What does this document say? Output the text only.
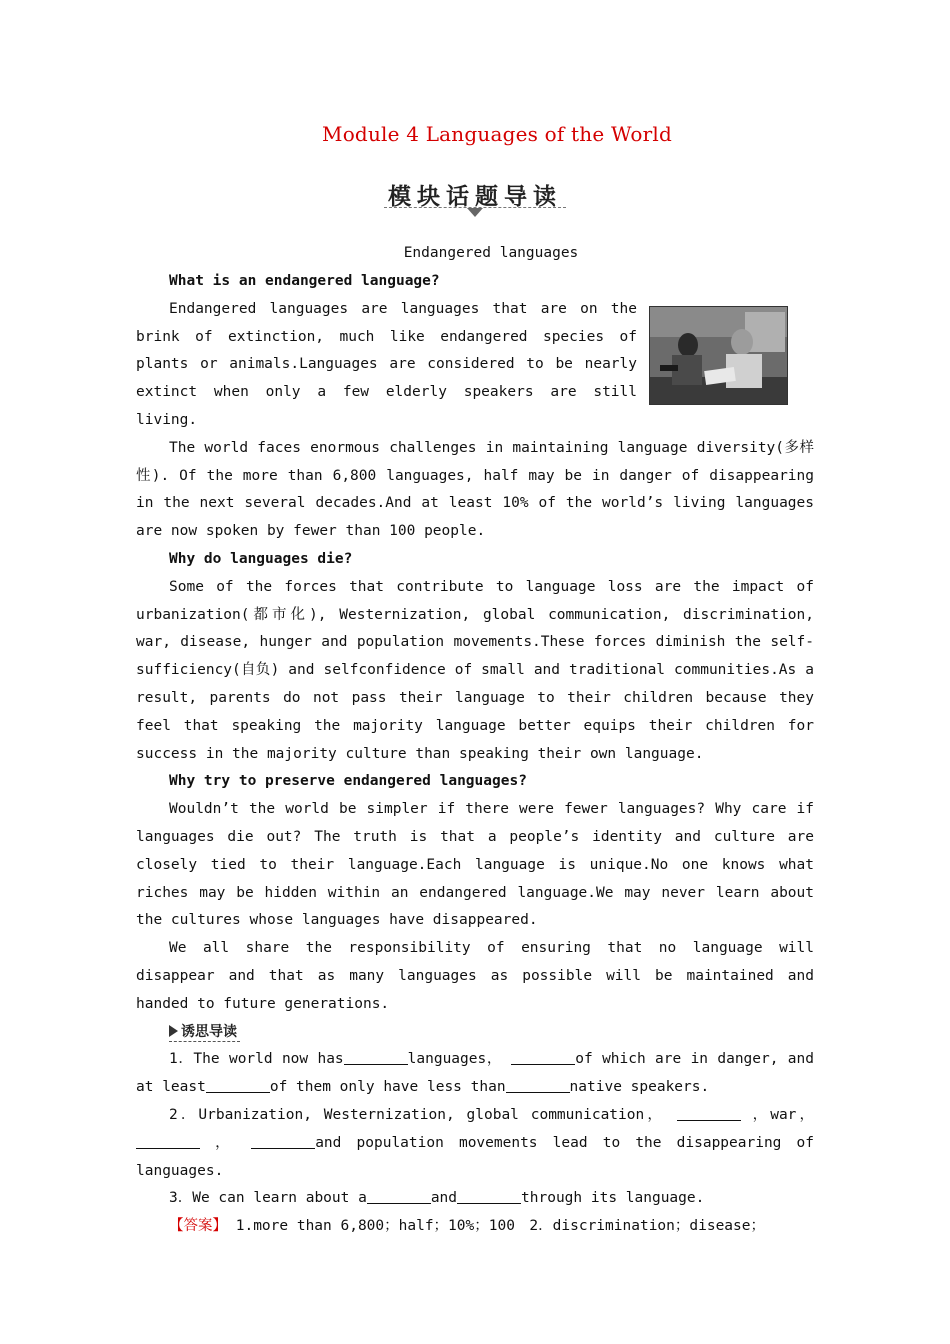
Module 4 Languages of the World
模块话题导读
Endangered languages

What is an endangered language?

Endangered languages are languages that are on the brink of extinction, much like endangered species of plants or animals.Languages are considered to be nearly extinct when only a few elderly speakers are still living.

The world faces enormous challenges in maintaining language diversity(多样性). Of the more than 6,800 languages, half may be in danger of disappearing in the next several decades.And at least 10% of the world’s living languages are now spoken by fewer than 100 people.

Why do languages die?

Some of the forces that contribute to language loss are the impact of urbanization(都市化), Westernization, global communication, discrimination, war, disease, hunger and population movements.These forces diminish the self-sufficiency(自负) and selfconfidence of small and traditional communities.As a result, parents do not pass their language to their children because they feel that speaking the majority language better equips their children for success in the majority culture than speaking their own language.

Why try to preserve endangered languages?

Wouldn’t the world be simpler if there were fewer languages? Why care if languages die out? The truth is that a people’s identity and culture are closely tied to their language.Each language is unique.No one knows what riches may be hidden within an endangered language.We may never learn about the cultures whose languages have disappeared.

We all share the responsibility of ensuring that no language will disappear and that as many languages as possible will be maintained and handed to future generations.

诱思导读

1．The world now has	languages，	of which are in danger, and at least	of them only have less than	native speakers.

2．Urbanization, Westernization, global communication，	，war，  ，	and population movements lead to the disappearing of languages.

3．We can learn about a	and	through its language.

【答案】 1.more than 6,800；half；10%；100　2．discrimination；disease；
